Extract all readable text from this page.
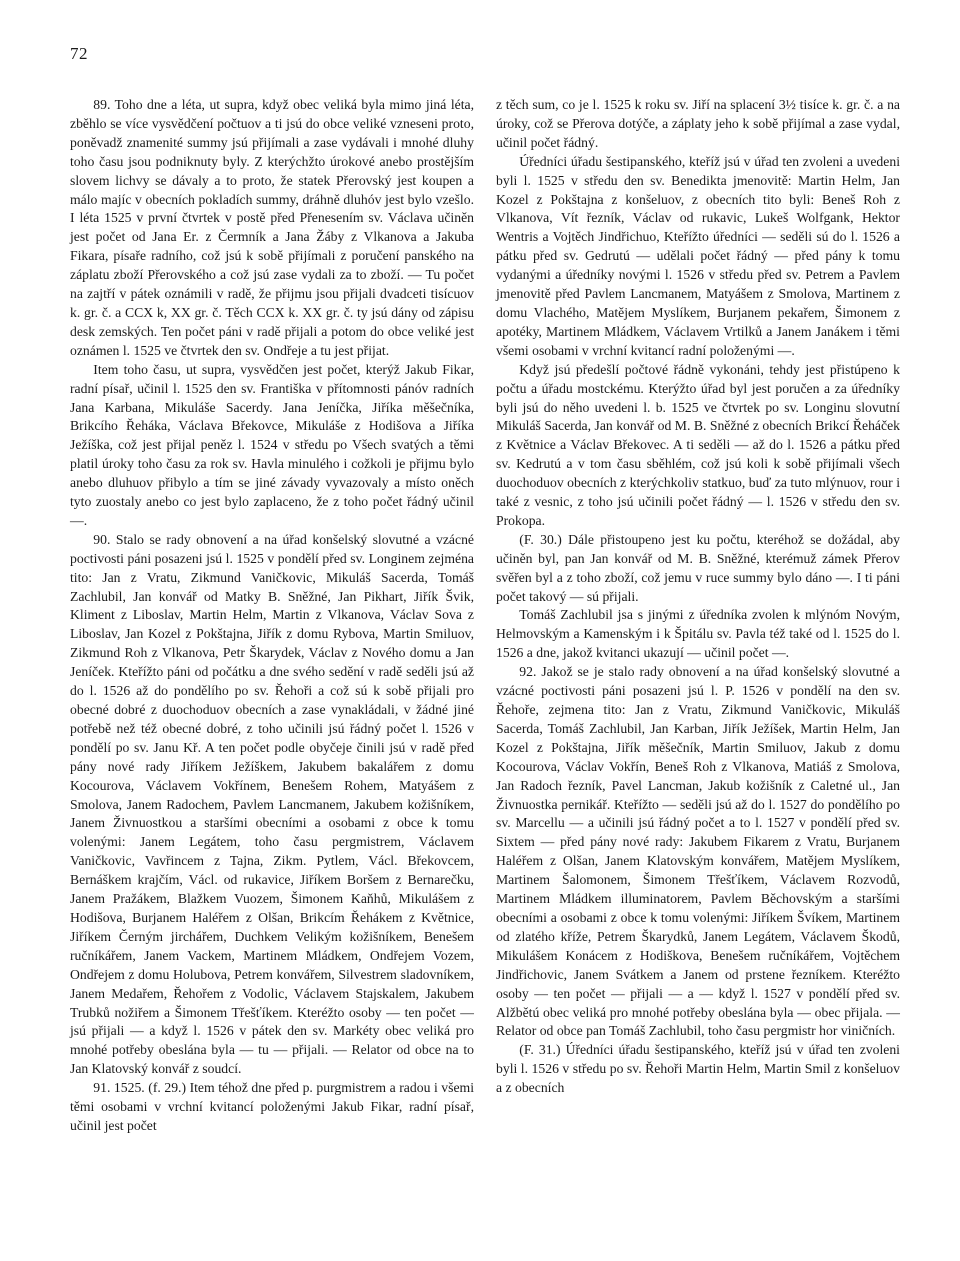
72

89. Toho dne a léta, ut supra, když obec veliká byla mimo jiná léta, zběhlo se více vysvědčení počtuov a ti jsú do obce veliké vzneseni proto, poněvadž znamenité summy jsú přijímali a zase vydávali i mnohé dluhy toho času jsou podniknuty byly. Z kterýchžto úrokové anebo prostějším slovem lichvy se dávaly a to proto, že statek Přerovský jest koupen a málo majíc v obecních pokladích summy, dráhně dluhóv jest bylo vzešlo. I léta 1525 v první čtvrtek v postě před Přenesením sv. Václava učiněn jest počet od Jana Er. z Čermník a Jana Žáby z Vlkanova a Jakuba Fikara, písaře radního, což jsú k sobě přijímali z poručení panského na záplatu zboží Přerovského a což jsú zase vydali za to zboží. — Tu počet na zajtří v pátek oznámili v radě, že přijmu jsou přijali dvadceti tisícuov k. gr. č. a CCX k, XX gr. č. Těch CCX k. XX gr. č. ty jsú dány od zápisu desk zemských. Ten počet páni v radě přijali a potom do obce veliké jest oznámen l. 1525 ve čtvrtek den sv. Ondřeje a tu jest přijat.

Item toho času, ut supra, vysvědčen jest počet, kterýž Jakub Fikar, radní písař, učinil l. 1525 den sv. Františka v přítomnosti pánóv radních Jana Karbana, Mikuláše Sacerdy. Jana Jeníčka, Jiříka měšečníka, Brikcího Řeháka, Václava Břekovce, Mikuláše z Hodišova a Jiříka Ježíška, což jest přijal peněz l. 1524 v středu po Všech svatých a těmi platil úroky toho času za rok sv. Havla minulého i cožkoli je přijmu bylo anebo dluhuov přibylo a tím se jiné závady vyvazovaly a místo oněch tyto zuostaly anebo co jest bylo zaplaceno, že z toho počet řádný učinil —.

90. Stalo se rady obnovení a na úřad konšelský slovutné a vzácné poctivosti páni posazeni jsú l. 1525 v pondělí před sv. Longinem zejména tito: Jan z Vratu, Zikmund Vaničkovic, Mikuláš Sacerda, Tomáš Zachlubil, Jan konvář od Matky B. Sněžné, Jan Pikhart, Jiřík Švik, Kliment z Liboslav, Martin Helm, Martin z Vlkanova, Václav Sova z Liboslav, Jan Kozel z Pokštajna, Jiřík z domu Rybova, Martin Smiluov, Zikmund Roh z Vlkanova, Petr Škarydek, Václav z Nového domu a Jan Jeníček. Kteřížto páni od počátku a dne svého sedění v radě seděli jsú až do l. 1526 až do pondělího po sv. Řehoři a což sú k sobě přijali pro obecné dobré z duochoduov obecních a zase vynakládali, v žádné jiné potřebě než též obecné dobré, z toho učinili jsú řádný počet l. 1526 v pondělí po sv. Janu Kř. A ten počet podle obyčeje činili jsú v radě před pány nové rady Jiříkem Ježíškem, Jakubem bakalářem z domu Kocourova, Václavem Vokřínem, Benešem Rohem, Matyášem z Smolova, Janem Radochem, Pavlem Lancmanem, Jakubem kožišníkem, Janem Živnuostkou a staršími obecními a osobami z obce k tomu volenými: Janem Legátem, toho času pergmistrem, Václavem Vaničkovic, Vavřincem z Tajna, Zikm. Pytlem, Václ. Břekovcem, Bernáškem krajčím, Václ. od rukavice, Jiříkem Boršem z Bernarečku, Janem Pražákem, Blažkem Vuozem, Šimonem Kaňhů, Mikulášem z Hodišova, Burjanem Haléřem z Olšan, Brikcím Řehákem z Květnice, Jiříkem Černým jirchářem, Duchkem Velikým kožišníkem, Benešem ručníkářem, Janem Vackem, Martinem Mládkem, Ondřejem Vozem, Ondřejem z domu Holubova, Petrem konvářem, Silvestrem sladovníkem, Janem Medařem, Řehořem z Vodolic, Václavem Stajskalem, Jakubem Trubků nožiřem a Šimonem Třešťíkem. Kteréžto osoby — ten počet — jsú přijali — a když l. 1526 v pátek den sv. Markéty obec veliká pro mnohé potřeby obeslána byla — tu — přijali. — Relator od obce na to Jan Klatovský konvář z soudcí.

91. 1525. (f. 29.) Item téhož dne před p. purgmistrem a radou i všemi těmi osobami v vrchní kvitancí položenými Jakub Fikar, radní písař, učinil jest počet

z těch sum, co je l. 1525 k roku sv. Jiří na splacení 3½ tisíce k. gr. č. a na úroky, což se Přerova dotýče, a záplaty jeho k sobě přijímal a zase vydal, učinil počet řádný.

Úředníci úřadu šestipanského, kteříž jsú v úřad ten zvoleni a uvedeni byli l. 1525 v středu den sv. Benedikta jmenovitě: Martin Helm, Jan Kozel z Pokštajna z konšeluov, z obecních tito byli: Beneš Roh z Vlkanova, Vít řezník, Václav od rukavic, Lukeš Wolfgank, Hektor Wentris a Vojtěch Jindřichuo, Kteřížto úředníci — seděli sú do l. 1526 a pátku před sv. Gedrutú — udělali počet řádný — před pány k tomu vydanými a úředníky novými l. 1526 v středu před sv. Petrem a Pavlem jmenovitě před Pavlem Lancmanem, Matyášem z Smolova, Martinem z domu Vlachého, Matějem Myslíkem, Burjanem pekařem, Šimonem z apotéky, Martinem Mládkem, Václavem Vrtilků a Janem Janákem i těmi všemi osobami v vrchní kvitancí radní položenými —.

Když jsú předešlí počtové řádně vykonáni, tehdy jest přistúpeno k počtu a úřadu mostckému. Kterýžto úřad byl jest poručen a za úředníky byli jsú do něho uvedeni l. b. 1525 ve čtvrtek po sv. Longinu slovutní Mikuláš Sacerda, Jan konvář od M. B. Sněžné z obecních Brikcí Řeháček z Květnice a Václav Břekovec. A ti seděli — až do l. 1526 a pátku před sv. Kedrutú a v tom času sběhlém, což jsú koli k sobě přijímali všech duochoduov obecních z kterýchkoliv statkuo, buď za tuto mlýnuov, rour i také z vesnic, z toho jsú učinili počet řádný — l. 1526 v středu den sv. Prokopa.

(F. 30.) Dále přistoupeno jest ku počtu, kteréhož se dožádal, aby učiněn byl, pan Jan konvář od M. B. Sněžné, kterémuž zámek Přerov svěřen byl a z toho zboží, což jemu v ruce summy bylo dáno —. I ti páni počet takový — sú přijali.

Tomáš Zachlubil jsa s jinými z úředníka zvolen k mlýnóm Novým, Helmovským a Kamenským i k Špitálu sv. Pavla též také od l. 1525 do l. 1526 a dne, jakož kvitanci ukazují — učinil počet —.

92. Jakož se je stalo rady obnovení a na úřad konšelský slovutné a vzácné poctivosti páni posazeni jsú l. P. 1526 v pondělí na den sv. Řehoře, zejmena tito: Jan z Vratu, Zikmund Vaničkovic, Mikuláš Sacerda, Tomáš Zachlubil, Jan Karban, Jiřík Ježíšek, Martin Helm, Jan Kozel z Pokštajna, Jiřík měšečník, Martin Smiluov, Jakub z domu Kocourova, Václav Vokřín, Beneš Roh z Vlkanova, Matiáš z Smolova, Jan Radoch řezník, Pavel Lancman, Jakub kožišník z Caletné ul., Jan Živnuostka pernikář. Kteřížto — seděli jsú až do l. 1527 do pondělího po sv. Marcellu — a učinili jsú řádný počet a to l. 1527 v pondělí před sv. Sixtem — před pány nové rady: Jakubem Fikarem z Vratu, Burjanem Haléřem z Olšan, Janem Klatovským konvářem, Matějem Myslíkem, Martinem Šalomonem, Šimonem Třešťíkem, Václavem Rozvodů, Martinem Mládkem illuminatorem, Pavlem Běchovským a staršími obecními a osobami z obce k tomu volenými: Jiříkem Švíkem, Martinem od zlatého kříže, Petrem Škarydků, Janem Legátem, Václavem Škodů, Mikulášem Konácem z Hodiškova, Benešem ručníkářem, Vojtěchem Jindřichovic, Janem Svátkem a Janem od prstene řezníkem. Kteréžto osoby — ten počet — přijali — a — když l. 1527 v pondělí před sv. Alžbětú obec veliká pro mnohé potřeby obeslána byla — obec přijala. — Relator od obce pan Tomáš Zachlubil, toho času pergmistr hor viničních.

(F. 31.) Úředníci úřadu šestipanského, kteříž jsú v úřad ten zvoleni byli l. 1526 v středu po sv. Řehoři Martin Helm, Martin Smil z konšeluov a z obecních
